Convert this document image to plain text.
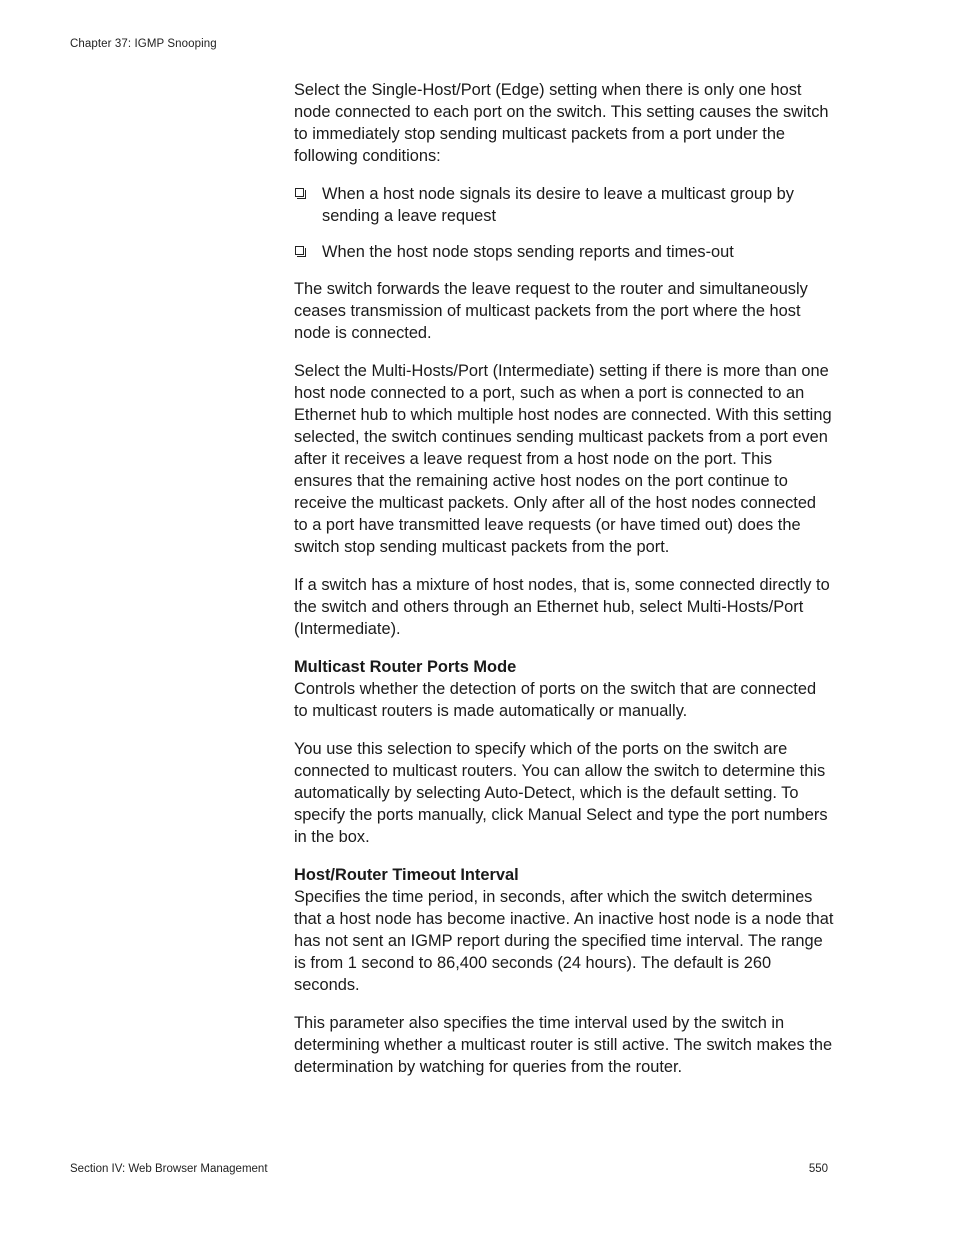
Chapter 37: IGMP Snooping

Select the Single-Host/Port (Edge) setting when there is only one host node connected to each port on the switch. This setting causes the switch to immediately stop sending multicast packets from a port under the following conditions:

When a host node signals its desire to leave a multicast group by sending a leave request
When the host node stops sending reports and times-out

The switch forwards the leave request to the router and simultaneously ceases transmission of multicast packets from the port where the host node is connected.

Select the Multi-Hosts/Port (Intermediate) setting if there is more than one host node connected to a port, such as when a port is connected to an Ethernet hub to which multiple host nodes are connected. With this setting selected, the switch continues sending multicast packets from a port even after it receives a leave request from a host node on the port. This ensures that the remaining active host nodes on the port continue to receive the multicast packets. Only after all of the host nodes connected to a port have transmitted leave requests (or have timed out) does the switch stop sending multicast packets from the port.

If a switch has a mixture of host nodes, that is, some connected directly to the switch and others through an Ethernet hub, select Multi-Hosts/Port (Intermediate).

Multicast Router Ports Mode

Controls whether the detection of ports on the switch that are connected to multicast routers is made automatically or manually.

You use this selection to specify which of the ports on the switch are connected to multicast routers. You can allow the switch to determine this automatically by selecting Auto-Detect, which is the default setting. To specify the ports manually, click Manual Select and type the port numbers in the box.

Host/Router Timeout Interval

Specifies the time period, in seconds, after which the switch determines that a host node has become inactive. An inactive host node is a node that has not sent an IGMP report during the specified time interval. The range is from 1 second to 86,400 seconds (24 hours). The default is 260 seconds.

This parameter also specifies the time interval used by the switch in determining whether a multicast router is still active. The switch makes the determination by watching for queries from the router.

Section IV: Web Browser Management	550
